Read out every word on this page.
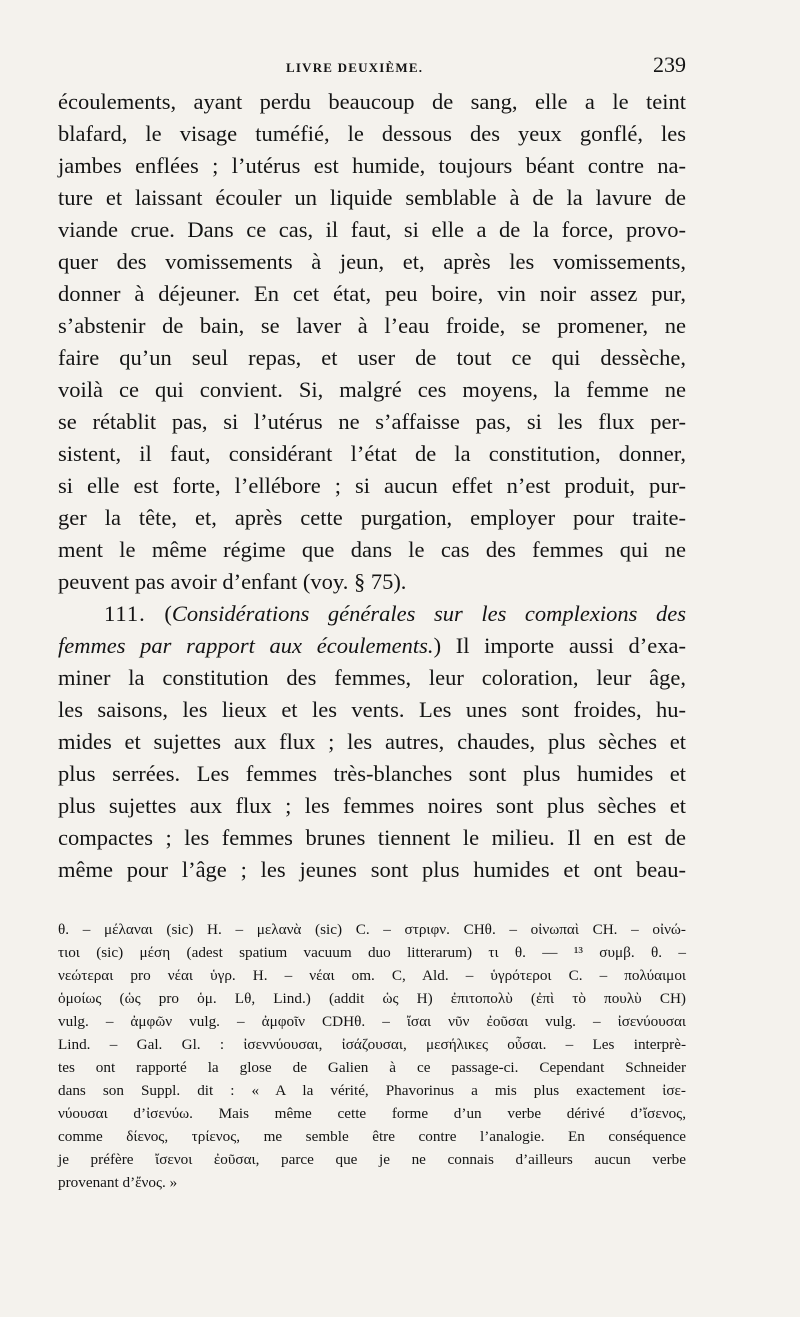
LIVRE DEUXIÈME.	239
écoulements, ayant perdu beaucoup de sang, elle a le teint
blafard, le visage tuméfié, le dessous des yeux gonflé, les
jambes enflées ; l’utérus est humide, toujours béant contre na-
ture et laissant écouler un liquide semblable à de la lavure de
viande crue. Dans ce cas, il faut, si elle a de la force, provo-
quer des vomissements à jeun, et, après les vomissements,
donner à déjeuner. En cet état, peu boire, vin noir assez pur,
s’abstenir de bain, se laver à l’eau froide, se promener, ne
faire qu’un seul repas, et user de tout ce qui dessèche,
voilà ce qui convient. Si, malgré ces moyens, la femme ne
se rétablit pas, si l’utérus ne s’affaisse pas, si les flux per-
sistent, il faut, considérant l’état de la constitution, donner,
si elle est forte, l’ellébore ; si aucun effet n’est produit, pur-
ger la tête, et, après cette purgation, employer pour traite-
ment le même régime que dans le cas des femmes qui ne
peuvent pas avoir d’enfant (voy. § 75).
111. (Considérations générales sur les complexions des
femmes par rapport aux écoulements.) Il importe aussi d’exa-
miner la constitution des femmes, leur coloration, leur âge,
les saisons, les lieux et les vents. Les unes sont froides, hu-
mides et sujettes aux flux ; les autres, chaudes, plus sèches et
plus serrées. Les femmes très-blanches sont plus humides et
plus sujettes aux flux ; les femmes noires sont plus sèches et
compactes ; les femmes brunes tiennent le milieu. Il en est de
même pour l’âge ; les jeunes sont plus humides et ont beau-
θ. – μέλαναι (sic) H. – μελανὰ (sic) C. – στριφν. CHθ. – οἰνωπαὶ CH. – οἰνώ-
τιοι (sic) μέση (adest spatium vacuum duo litterarum) τι θ. — ¹³ συμβ. θ. –
νεώτεραι pro νέαι ὑγρ. H. – νέαι om. C, Ald. – ὑγρότεροι C. – πολύαιμοι
ὁμοίως (ὡς pro ὁμ. Lθ, Lind.) (addit ὡς H) ἐπιτοπολὺ (ἐπὶ τὸ πουλὺ CH)
vulg. – ἀμφῶν vulg. – ἀμφοῖν CDHθ. – ἴσαι νῦν ἐοῦσαι vulg. – ἰσενύουσαι
Lind. – Gal. Gl. : ἰσεννύουσαι, ἰσάζουσαι, μεσήλικες οὖσαι. – Les interprè-
tes ont rapporté la glose de Galien à ce passage-ci. Cependant Schneider
dans son Suppl. dit : « A la vérité, Phavorinus a mis plus exactement ἰσε-
νύουσαι d’ἰσενύω. Mais même cette forme d’un verbe dérivé d’ἴσενος,
comme δίενος, τρίενος, me semble être contre l’analogie. En conséquence
je préfère ἴσενοι ἐοῦσαι, parce que je ne connais d’ailleurs aucun verbe
provenant d’ἔνος. »
